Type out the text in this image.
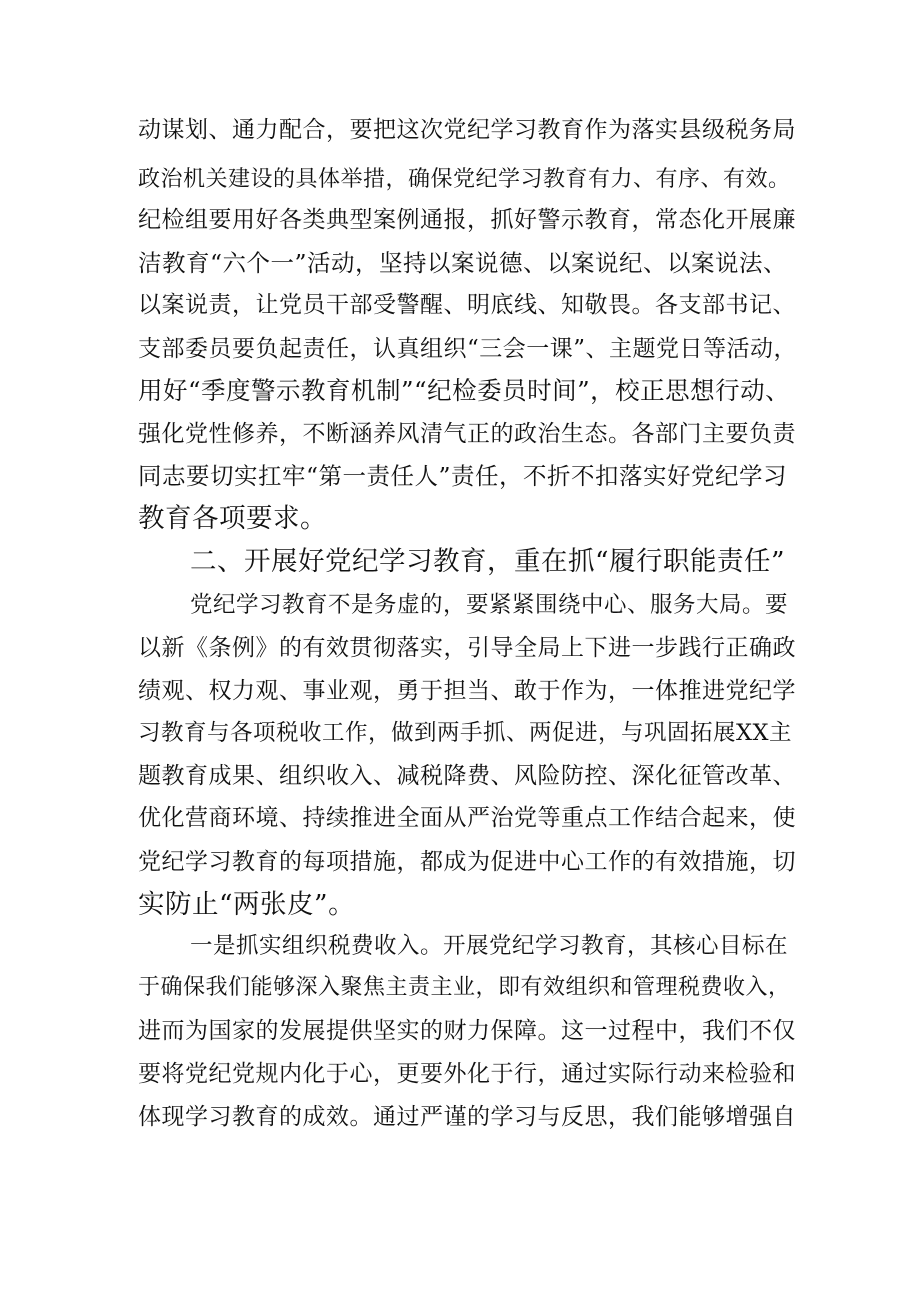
动谋划、通力配合，要把这次党纪学习教育作为落实县级税务局
政治机关建设的具体举措，确保党纪学习教育有力、有序、有效。
纪检组要用好各类典型案例通报，抓好警示教育，常态化开展廉
洁教育“六个一”活动，坚持以案说德、以案说纪、以案说法、
以案说责，让党员干部受警醒、明底线、知敬畏。各支部书记、
支部委员要负起责任，认真组织“三会一课”、主题党日等活动，
用好“季度警示教育机制”“纪检委员时间”，校正思想行动、
强化党性修养，不断涵养风清气正的政治生态。各部门主要负责
同志要切实扛牢“第一责任人”责任，不折不扣落实好党纪学习
教育各项要求。
二、开展好党纪学习教育，重在抓“履行职能责任”
党纪学习教育不是务虚的，要紧紧围绕中心、服务大局。要
以新《条例》的有效贯彻落实，引导全局上下进一步践行正确政
绩观、权力观、事业观，勇于担当、敢于作为，一体推进党纪学
习教育与各项税收工作，做到两手抓、两促进，与巩固拓展XX主
题教育成果、组织收入、减税降费、风险防控、深化征管改革、
优化营商环境、持续推进全面从严治党等重点工作结合起来，使
党纪学习教育的每项措施，都成为促进中心工作的有效措施，切
实防止“两张皮”。
一是抓实组织税费收入。开展党纪学习教育，其核心目标在
于确保我们能够深入聚焦主责主业，即有效组织和管理税费收入，
进而为国家的发展提供坚实的财力保障。这一过程中，我们不仅
要将党纪党规内化于心，更要外化于行，通过实际行动来检验和
体现学习教育的成效。通过严谨的学习与反思，我们能够增强自
